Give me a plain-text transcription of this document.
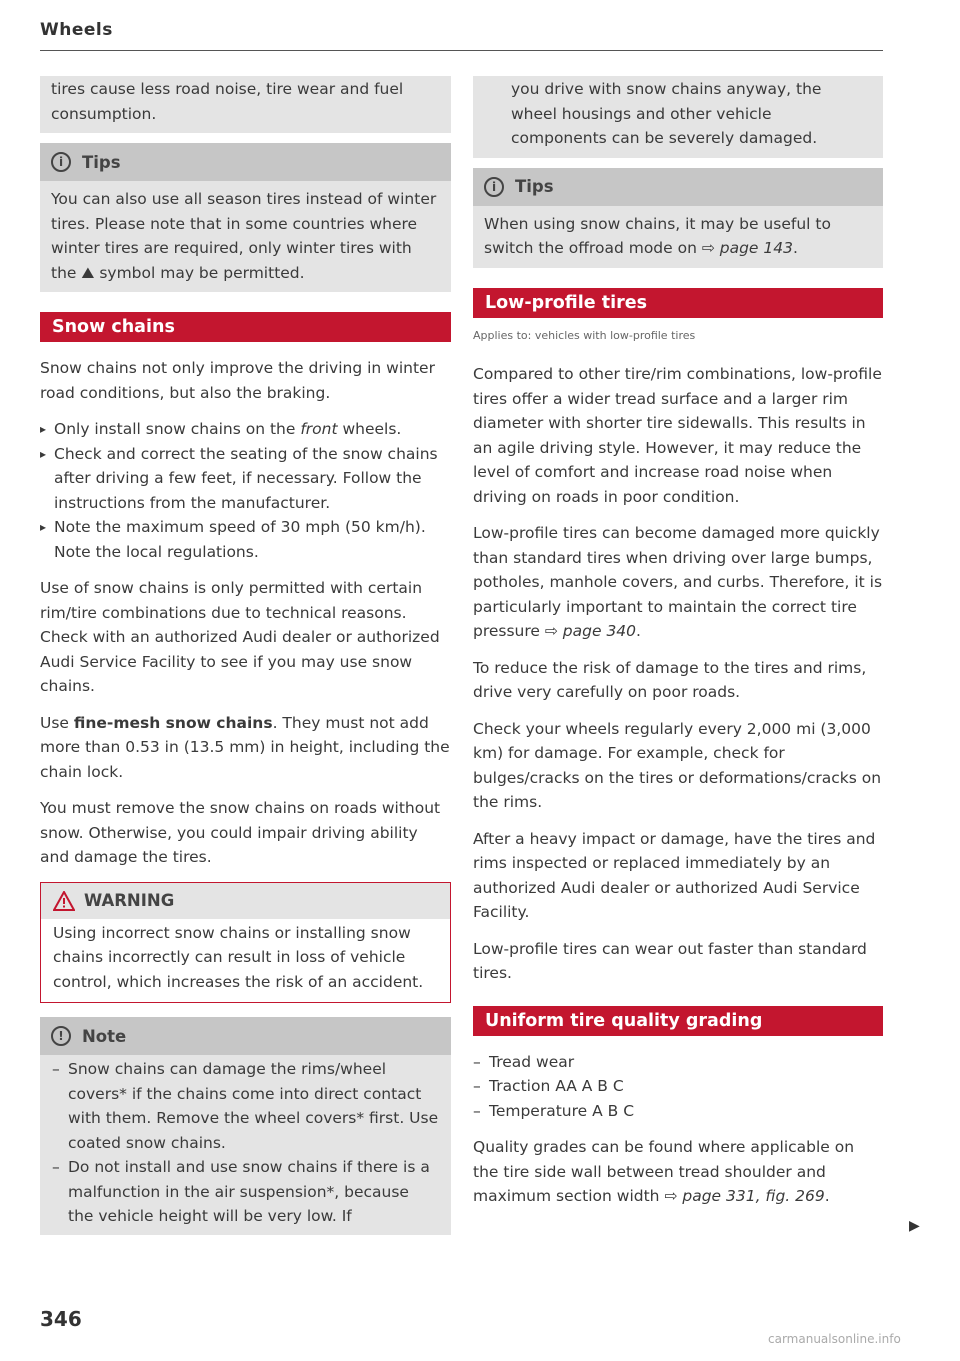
Wheels

tires cause less road noise, tire wear and fuel consumption.

i	Tips

You can also use all season tires instead of winter tires. Please note that in some countries where winter tires are required, only winter tires with the ⛰ symbol may be permitted.

Snow chains

Snow chains not only improve the driving in winter road conditions, but also the braking.

▸ Only install snow chains on the front wheels.
▸ Check and correct the seating of the snow chains after driving a few feet, if necessary. Follow the instructions from the manufacturer.
▸ Note the maximum speed of 30 mph (50 km/h). Note the local regulations.

Use of snow chains is only permitted with certain rim/tire combinations due to technical reasons. Check with an authorized Audi dealer or authorized Audi Service Facility to see if you may use snow chains.

Use fine-mesh snow chains. They must not add more than 0.53 in (13.5 mm) in height, including the chain lock.

You must remove the snow chains on roads without snow. Otherwise, you could impair driving ability and damage the tires.

WARNING

Using incorrect snow chains or installing snow chains incorrectly can result in loss of vehicle control, which increases the risk of an accident.

!	Note
– Snow chains can damage the rims/wheel covers* if the chains come into direct contact with them. Remove the wheel covers* first. Use coated snow chains.
– Do not install and use snow chains if there is a malfunction in the air suspension*, because the vehicle height will be very low. If

you drive with snow chains anyway, the wheel housings and other vehicle components can be severely damaged.

i	Tips

When using snow chains, it may be useful to switch the offroad mode on ⇨ page 143.

Low-profile tires

Applies to: vehicles with low-profile tires

Compared to other tire/rim combinations, low-profile tires offer a wider tread surface and a larger rim diameter with shorter tire sidewalls. This results in an agile driving style. However, it may reduce the level of comfort and increase road noise when driving on roads in poor condition.

Low-profile tires can become damaged more quickly than standard tires when driving over large bumps, potholes, manhole covers, and curbs. Therefore, it is particularly important to maintain the correct tire pressure ⇨ page 340.

To reduce the risk of damage to the tires and rims, drive very carefully on poor roads.

Check your wheels regularly every 2,000 mi (3,000 km) for damage. For example, check for bulges/cracks on the tires or deformations/cracks on the rims.

After a heavy impact or damage, have the tires and rims inspected or replaced immediately by an authorized Audi dealer or authorized Audi Service Facility.

Low-profile tires can wear out faster than standard tires.

Uniform tire quality grading
– Tread wear
– Traction AA A B C
– Temperature A B C

Quality grades can be found where applicable on the tire side wall between tread shoulder and maximum section width ⇨ page 331, fig. 269.

▶
346
carmanualsonline.info
